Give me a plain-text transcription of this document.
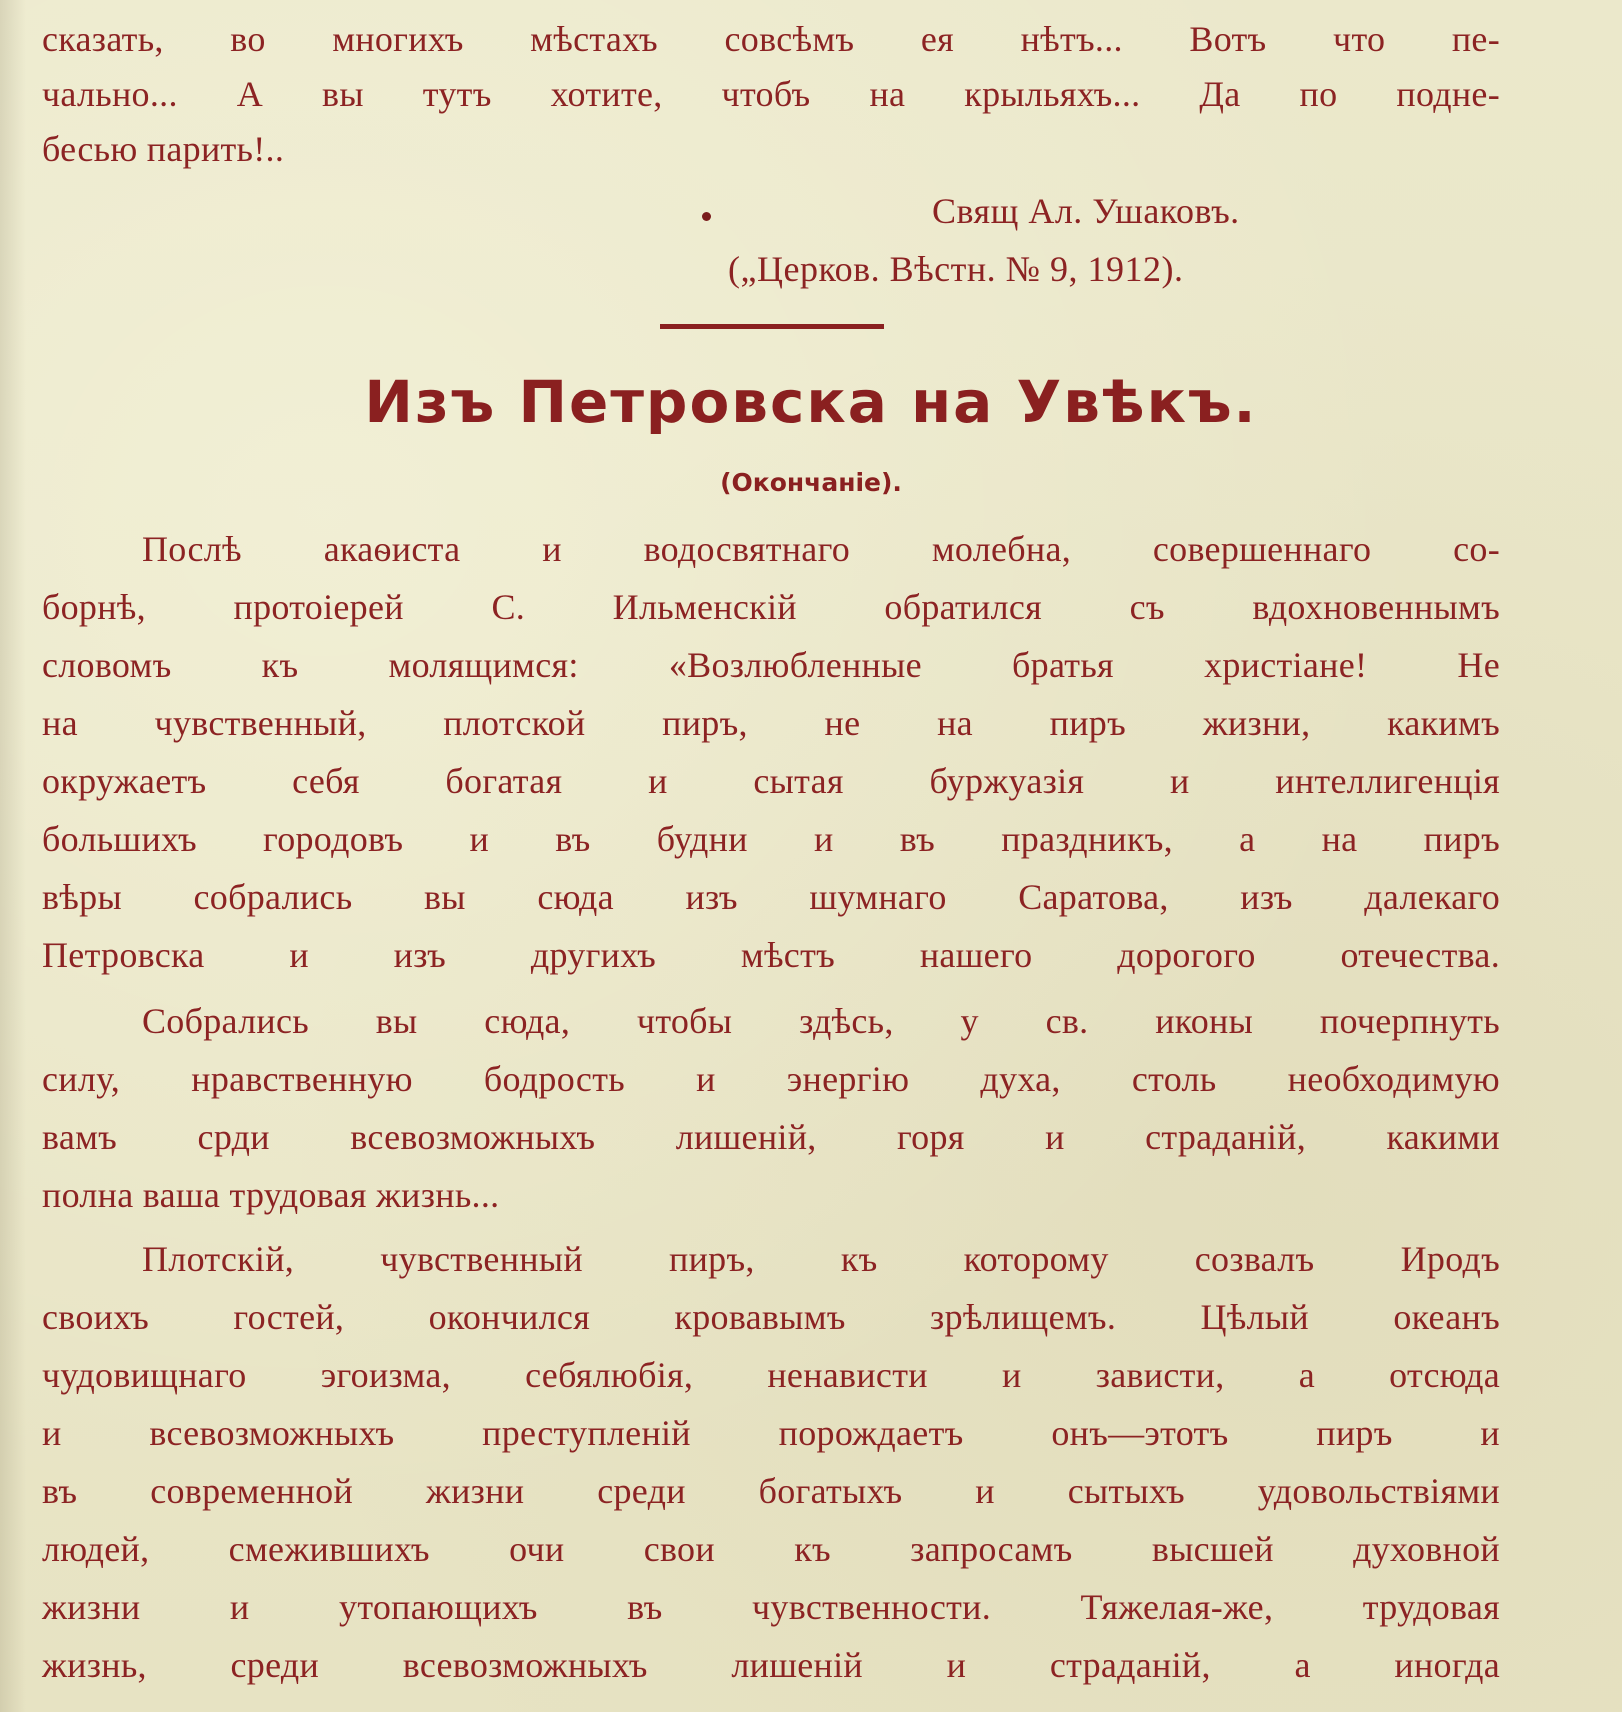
сказать, во многихъ мѣстахъ совсѣмъ ея нѣтъ... Вотъ что пе-
чально... А вы тутъ хотите, чтобъ на крыльяхъ... Да по подне-
бесью парить!..
Свящ Ал. Ушаковъ.
(„Церков. Вѣстн. № 9, 1912).
Изъ Петровска на Увѣкъ.
(Окончаніе).
Послѣ акаѳиста и водосвятнаго молебна, совершеннаго со-
борнѣ, протоіерей С. Ильменскій обратился съ вдохновеннымъ
словомъ къ молящимся: «Возлюбленные братья христіане! Не
на чувственный, плотской пиръ, не на пиръ жизни, какимъ
окружаетъ себя богатая и сытая буржуазія и интеллигенція
большихъ городовъ и въ будни и въ праздникъ, а на пиръ
вѣры собрались вы сюда изъ шумнаго Саратова, изъ далекаго
Петровска и изъ другихъ мѣстъ нашего дорогого отечества.
Собрались вы сюда, чтобы здѣсь, у св. иконы почерпнуть
силу, нравственную бодрость и энергію духа, столь необходимую
вамъ срди всевозможныхъ лишеній, горя и страданій, какими
полна ваша трудовая жизнь...
Плотскій, чувственный пиръ, къ которому созвалъ Иродъ
своихъ гостей, окончился кровавымъ зрѣлищемъ. Цѣлый океанъ
чудовищнаго эгоизма, себялюбія, ненависти и зависти, а отсюда
и всевозможныхъ преступленій порождаетъ онъ—этотъ пиръ и
въ современной жизни среди богатыхъ и сытыхъ удовольствіями
людей, смежившихъ очи свои къ запросамъ высшей духовной
жизни и утопающихъ въ чувственности. Тяжелая-же, трудовая
жизнь, среди всевозможныхъ лишеній и страданій, а иногда
